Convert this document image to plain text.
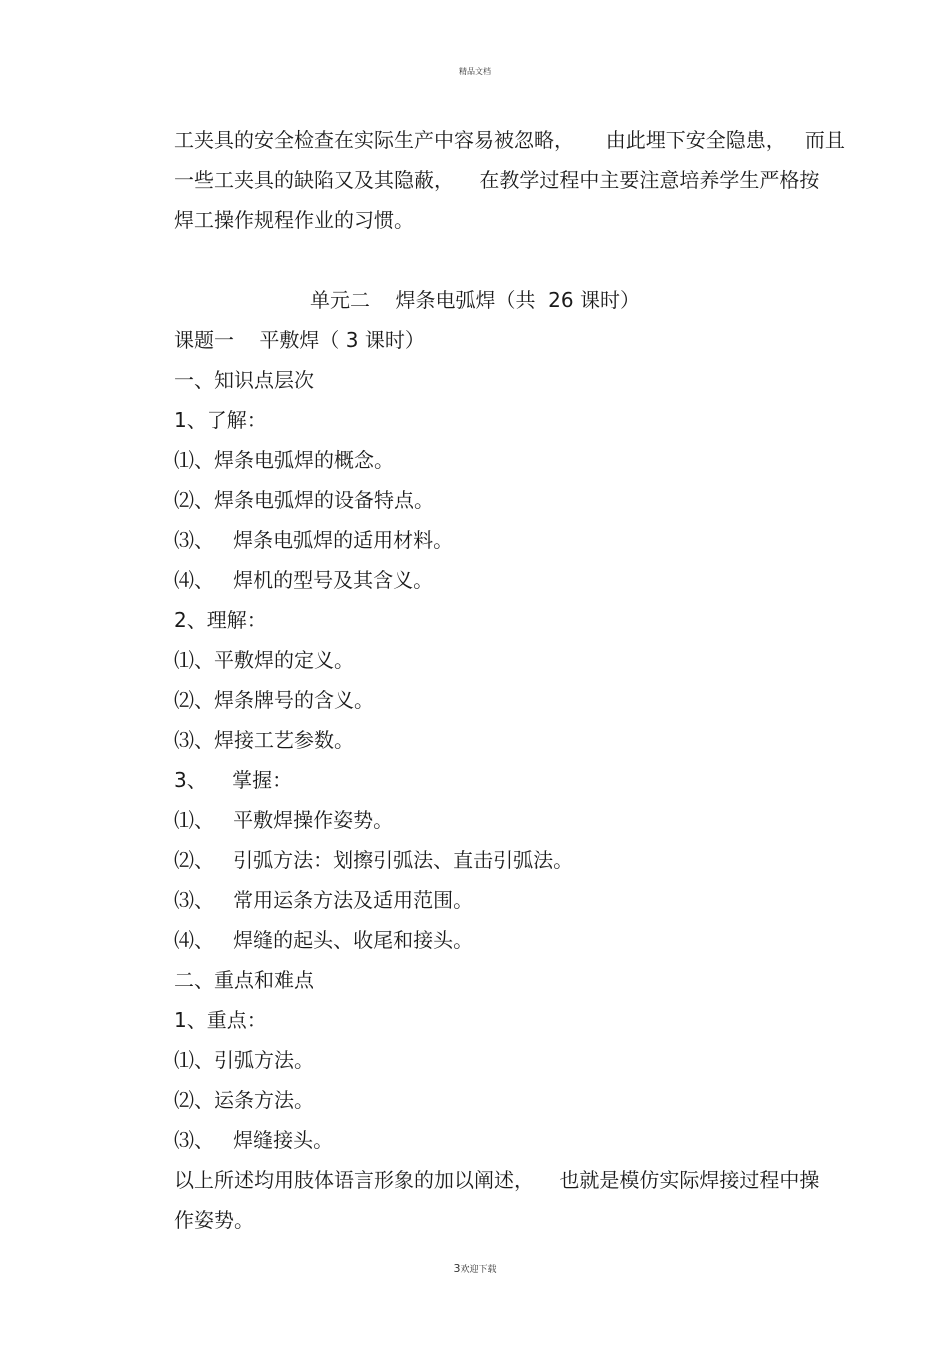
精品文档
工夹具的安全检查在实际生产中容易被忽略，     由此埋下安全隐患，   而且
一些工夹具的缺陷又及其隐蔽，    在教学过程中主要注意培养学生严格按
焊工操作规程作业的习惯。
单元二    焊条电弧焊（共  26 课时）
课题一    平敷焊（ 3 课时）
一、知识点层次
1、了解：
⑴、焊条电弧焊的概念。
⑵、焊条电弧焊的设备特点。
⑶、   焊条电弧焊的适用材料。
⑷、   焊机的型号及其含义。
2、理解：
⑴、平敷焊的定义。
⑵、焊条牌号的含义。
⑶、焊接工艺参数。
3、    掌握：
⑴、   平敷焊操作姿势。
⑵、   引弧方法：划擦引弧法、直击引弧法。
⑶、   常用运条方法及适用范围。
⑷、   焊缝的起头、收尾和接头。
二、重点和难点
1、重点：
⑴、引弧方法。
⑵、运条方法。
⑶、   焊缝接头。
以上所述均用肢体语言形象的加以阐述，    也就是模仿实际焊接过程中操
作姿势。
3欢迎下载
